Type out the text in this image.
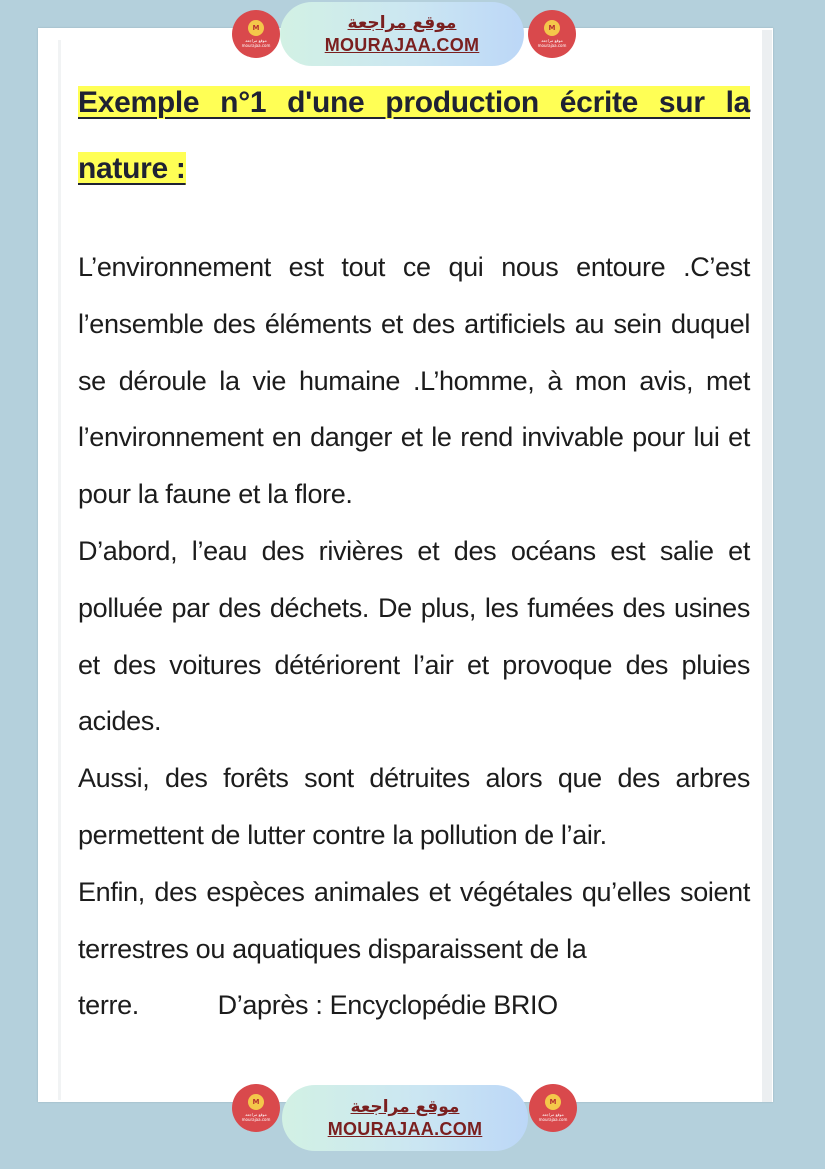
M
موقع مراجعة
mourajaa.com
موقع مراجعة
MOURAJAA.COM
M
موقع مراجعة
mourajaa.com
Exemple n°1 d'une production écrite sur la nature :

L’environnement est tout ce qui nous entoure .C’est l’ensemble des éléments et des artificiels au sein duquel se déroule la vie humaine .L’homme, à mon avis, met l’environnement en danger et le rend invivable pour lui et pour la faune et la flore.

D’abord, l’eau des rivières et des océans est salie et polluée par des déchets. De plus, les fumées des usines et des voitures détériorent l’air et provoque des pluies acides.

Aussi, des forêts sont détruites alors que des arbres permettent de lutter contre la pollution de l’air.

Enfin, des espèces animales et végétales qu’elles soient terrestres ou aquatiques disparaissent de la

terre.	D’après : Encyclopédie BRIO

M
موقع مراجعة
mourajaa.com
موقع مراجعة
MOURAJAA.COM
M
موقع مراجعة
mourajaa.com
